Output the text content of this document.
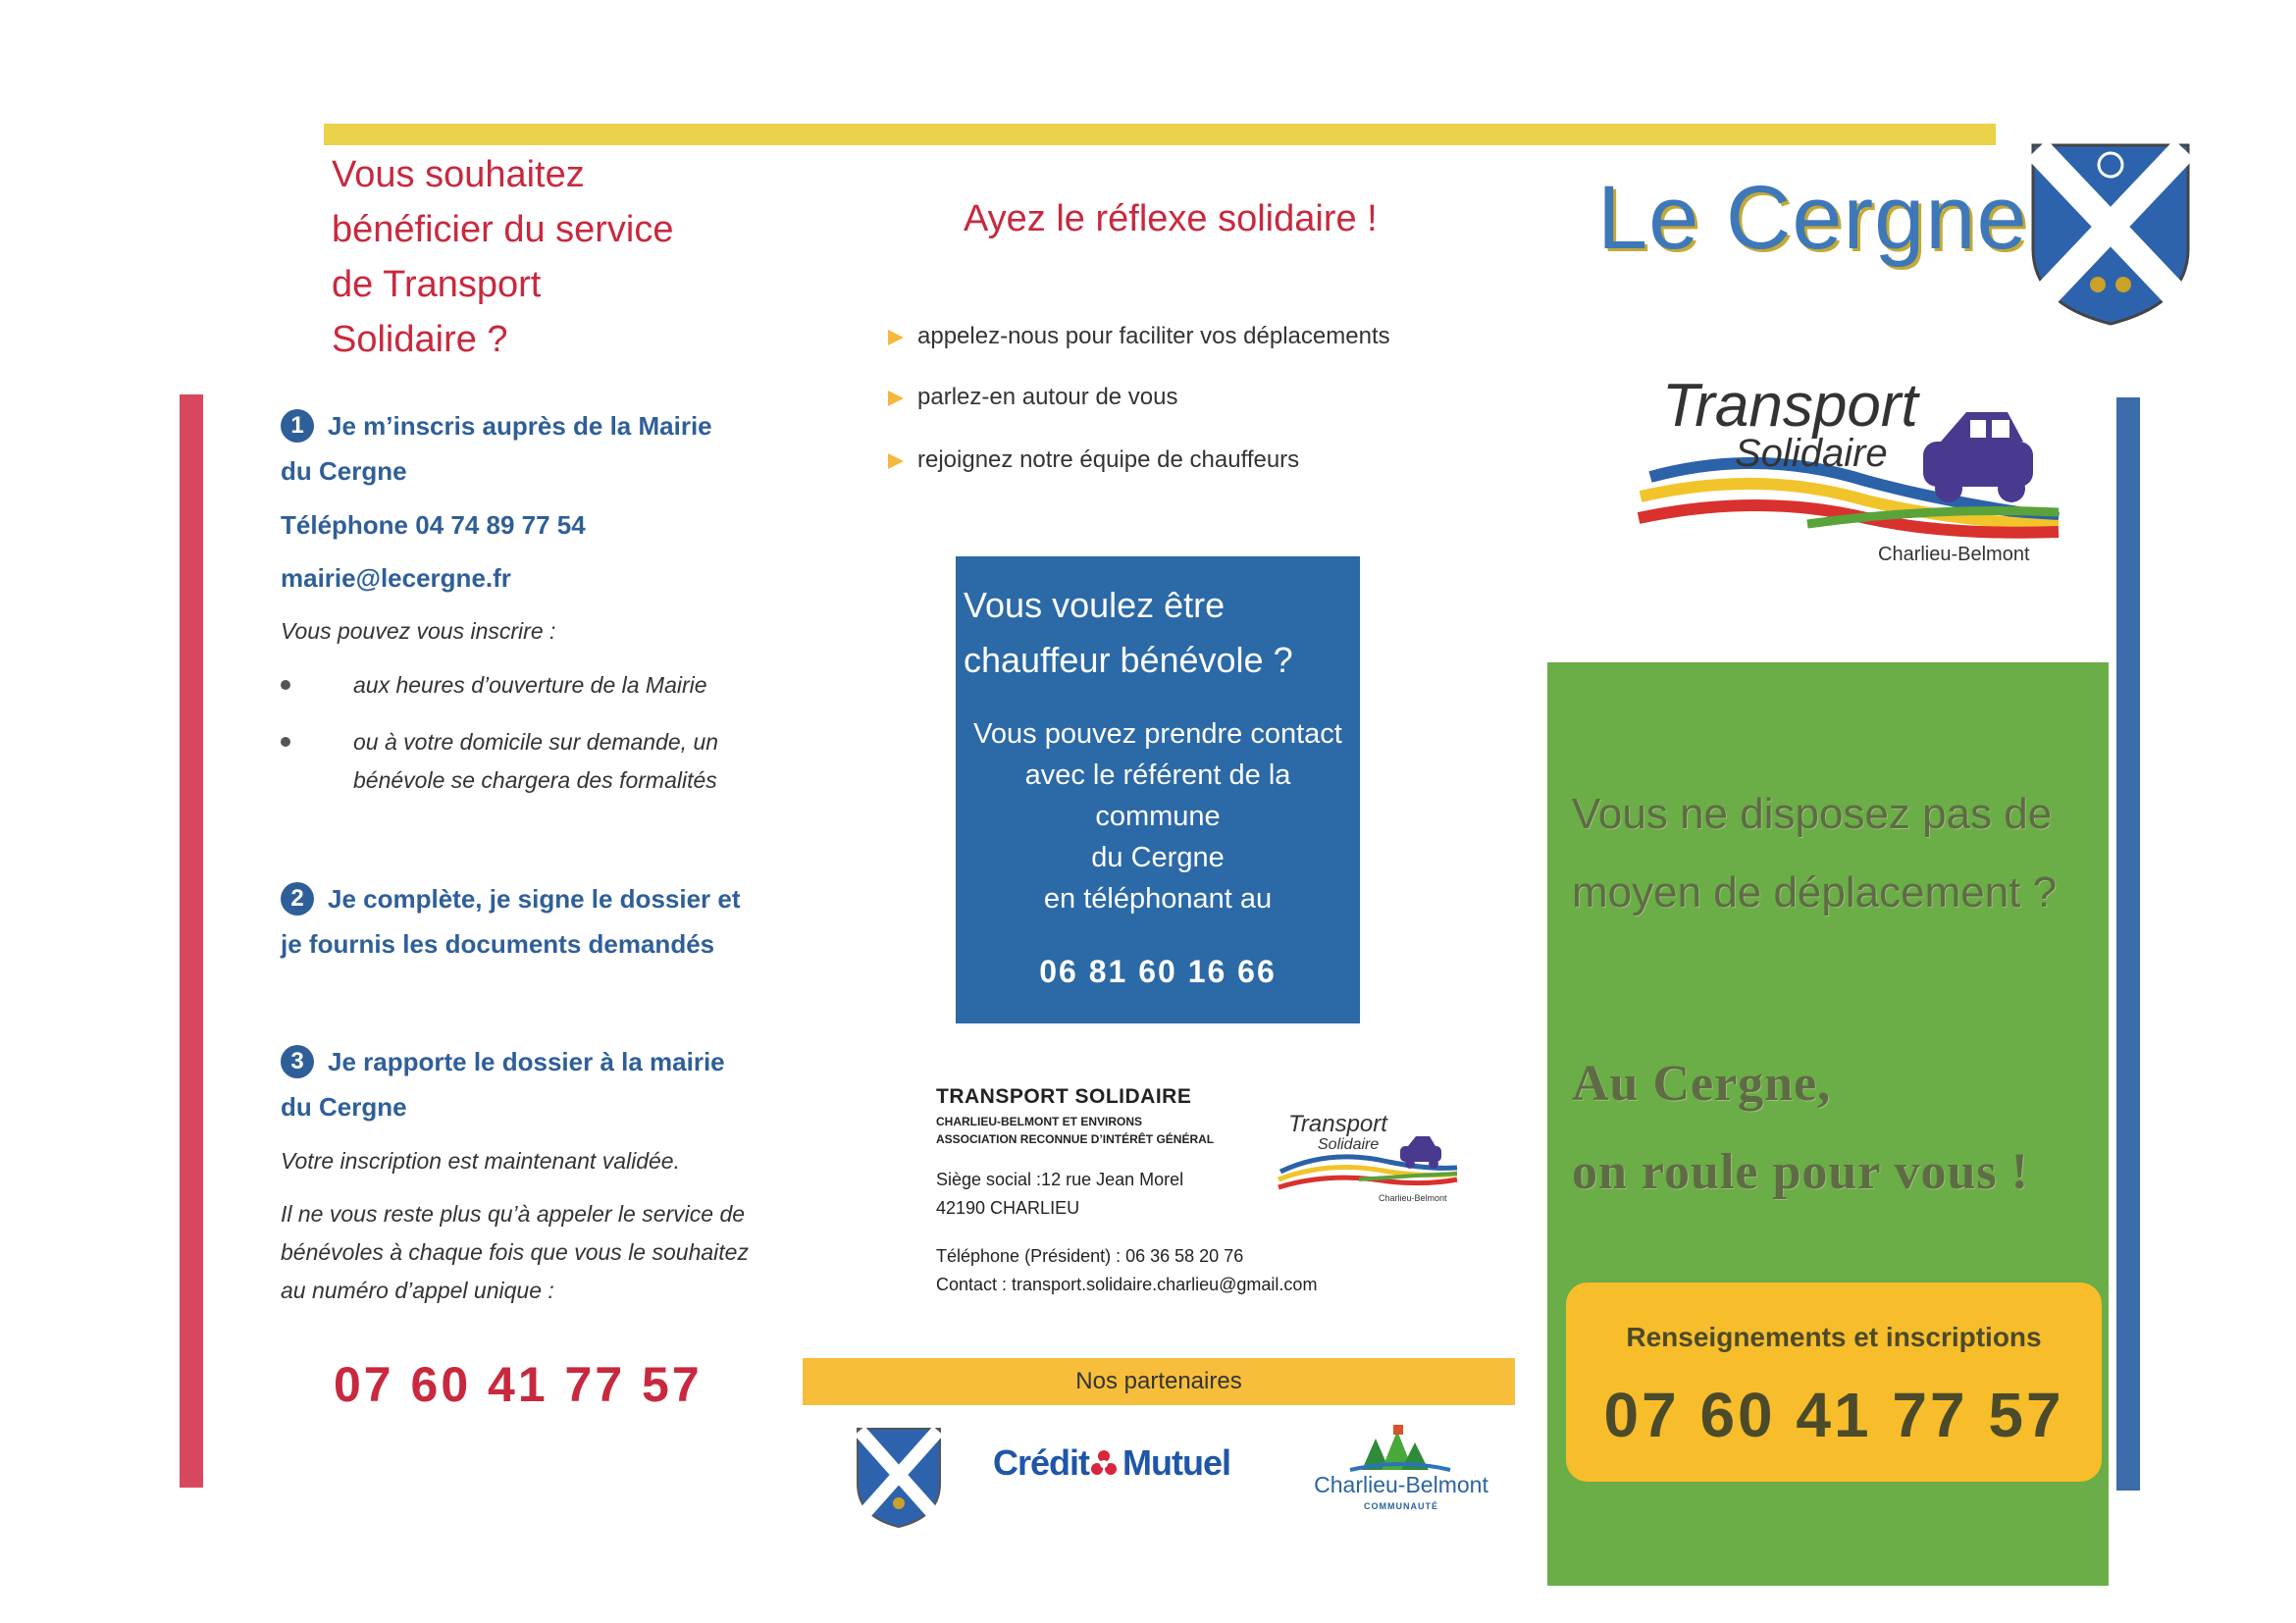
Vous souhaitez
bénéficier du service
de Transport
Solidaire ?
1 Je m’inscris auprès de la Mairie
du Cergne
Téléphone 04 74 89 77 54
mairie@lecergne.fr
Vous pouvez vous inscrire :
aux heures d’ouverture de la Mairie
ou à votre domicile sur demande, un
bénévole se chargera des formalités
2 Je complète, je signe le dossier et
je fournis les documents demandés
3 Je rapporte le dossier à la mairie
du Cergne
Votre inscription est maintenant validée.
Il ne vous reste plus qu’à appeler le service de
bénévoles à chaque fois que vous le souhaitez
au numéro d’appel unique :
07 60 41 77 57
Ayez le réflexe solidaire !
appelez-nous pour faciliter vos déplacements
parlez-en autour de vous
rejoignez notre équipe de chauffeurs
Vous voulez être
chauffeur bénévole ?
Vous pouvez prendre contact
avec le référent de la
commune
du Cergne
en téléphonant au
06 81 60 16 66
TRANSPORT SOLIDAIRE
CHARLIEU-BELMONT ET ENVIRONS
ASSOCIATION RECONNUE D’INTÉRÊT GÉNÉRAL
Siège social :12 rue Jean Morel
42190 CHARLIEU
Téléphone (Président) : 06 36 58 20 76
Contact : transport.solidaire.charlieu@gmail.com
Transport
Solidaire
Charlieu-Belmont
Nos partenaires
Crédit Mutuel
Charlieu-Belmont
COMMUNAUTÉ
Le Cergne
Transport
Solidaire
Charlieu-Belmont
Vous ne disposez pas de
moyen de déplacement ?
Au Cergne,
on roule pour vous !
Renseignements et inscriptions
07 60 41 77 57
